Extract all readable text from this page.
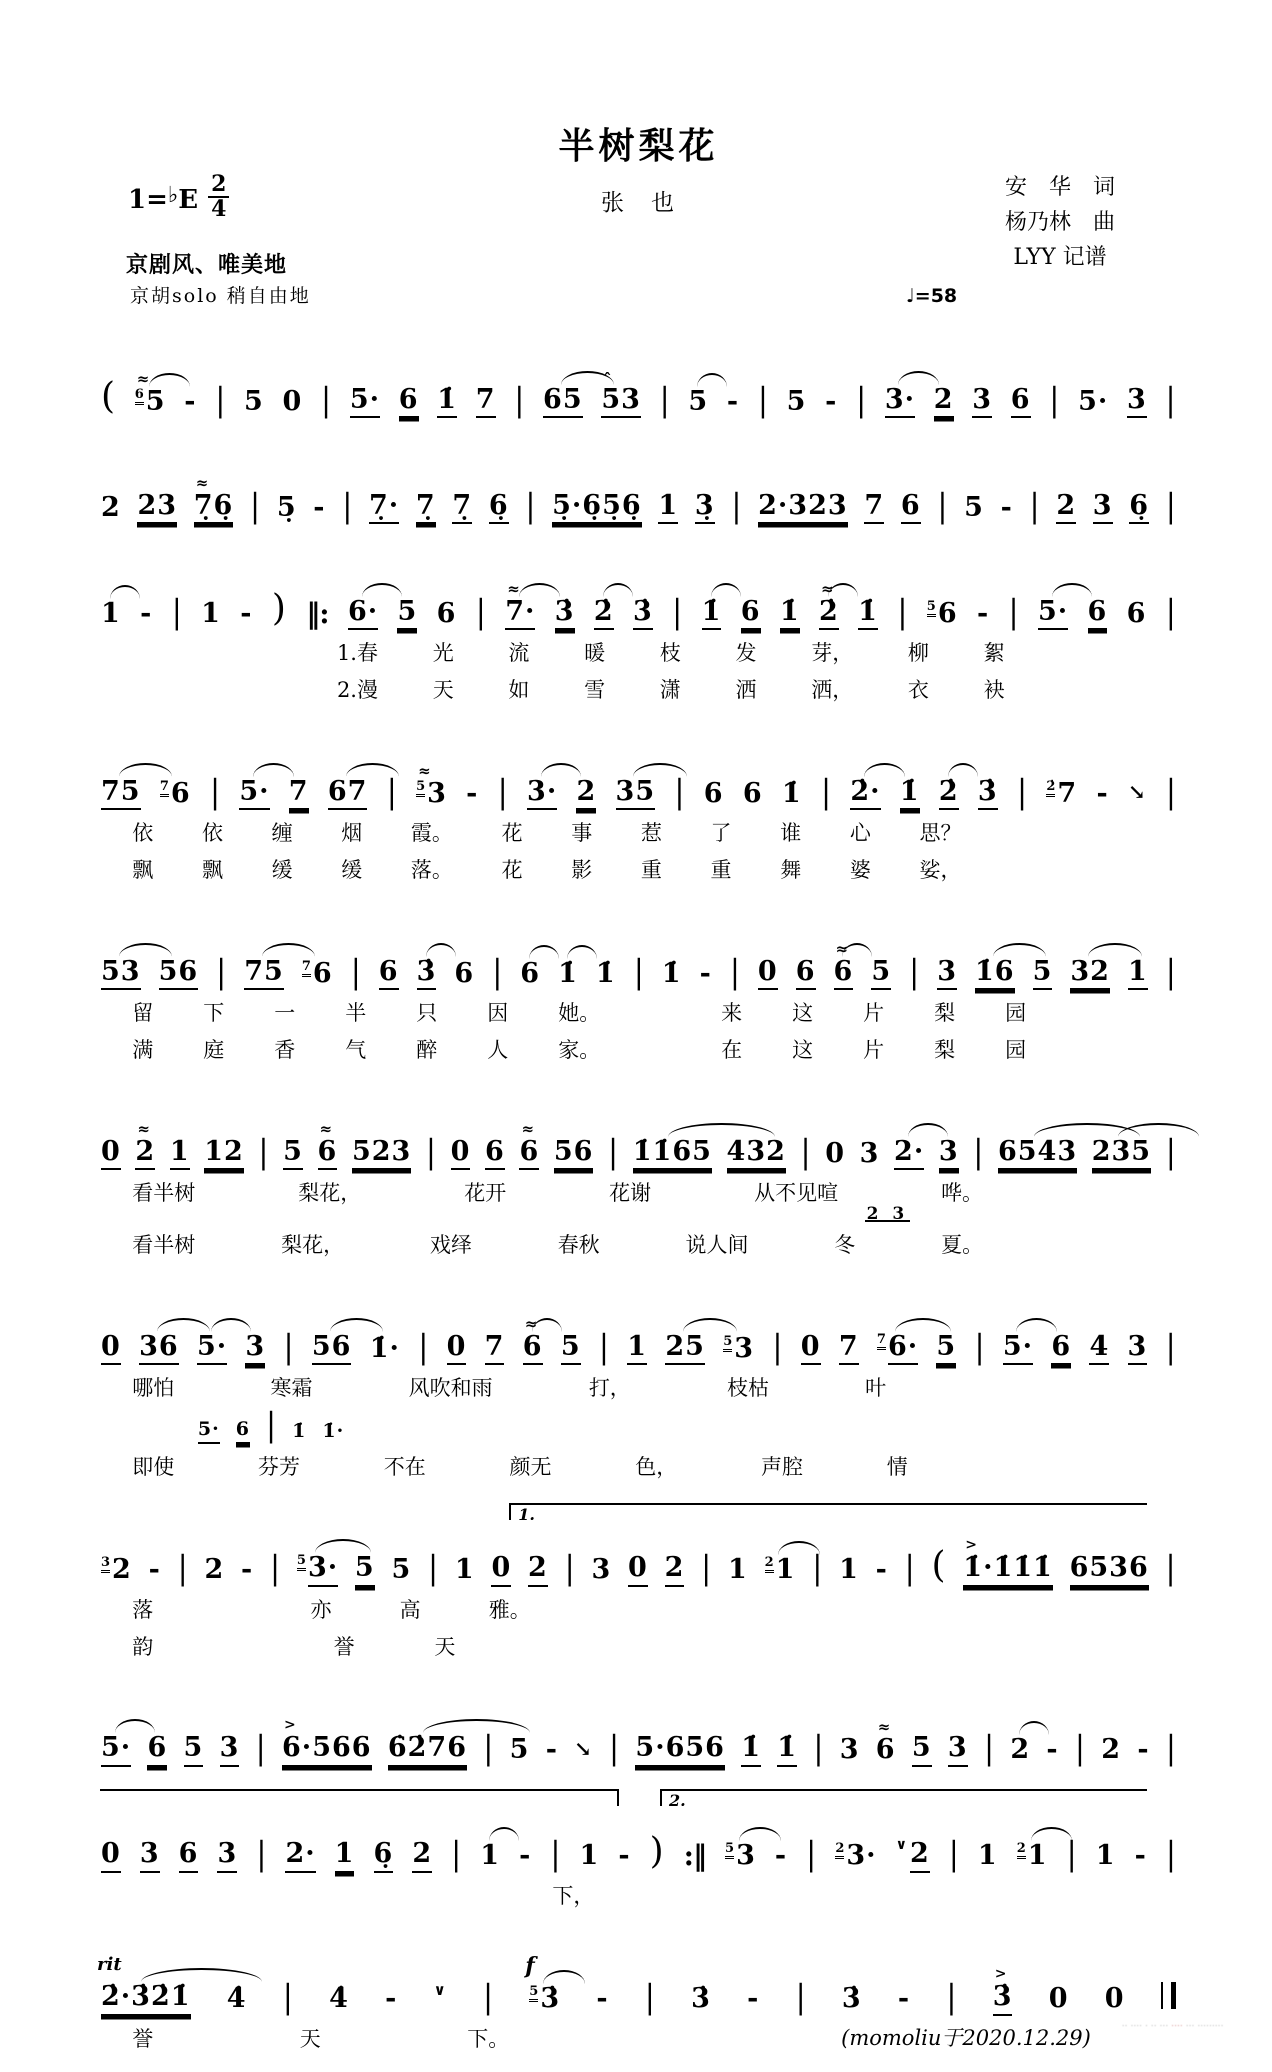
半树梨花
张　也
$1=^♭E \frac{2}{4}$	安　华　词
杨乃林　曲
LYY 记谱
京剧风、唯美地
京胡solo 稍自由地	♩=58
( $^6$5
≈
- | 5 0 | 5· 6 1̇ 7 | 65 53
ˆ
| 5 - | 5 - | 3· 2 3 6 | 5· 3 |
2 23 7̣6̣
≈
| 5̣ - | 7̣· 7̣ 7̣ 6̣ | 5̣·6̣5̣6̣ 1 3̣ | 2·323 7 6 | 5 - | 2 3 6̣ |
1 - | 1 - ) ‖: 6· 5 6 | 7·
≈
3̇ 2̇ 3̇ | 1̇ 6 1̇ 2̇
≈
1̇ | $^5$6 - | 5· 6 6 |
1.春	光	流	暖	枝	发	芽，	柳	絮
2.漫	天	如	雪	潇	洒	洒，	衣	袂
75 $^7$6 | 5· 7 67 | $^5$3
≈
- | 3· 2 35 | 6 6 1̇ | 2̇· 1̇ 2̇ 3̇ | $^{2̇}$7 - ↘ |
依 依 缠 烟 霞。 花 事 惹 了 谁 心 思？
飘 飘 缓 缓 落。 花 影 重 重 舞 婆 娑，
53 56 | 75 $^7$6 | 6 3̇ 6 | 6 1̇ 1̇ | 1̇ - | 0 6 6
≈
5 | 3 1̇6 5 32 1 |
留 下 一 半 只 因 她。
　	来 这 片 梨 园
满 庭 香 气 醉 人 家。
　	在 这 片 梨 园
0 2
≈
1 12 | 5 6
≈
523 | 0 6 6
≈
56 | 1̇1̇65 432 | 0 3 2· 3 | 6543 235 |
看半树	梨花，	花开	花谢	从不见喧	哗。
2 3
看半树	梨花，	戏绎	春秋	说人间	冬	夏。
0 36 5· 3 | 56 1̇· | 0 7 6
≈
5 | 1 25 $^5$3 | 0 7 $^7$6· 5 | 5· 6 4 3 |
哪怕	寒霜	风吹和雨	打，	枝枯	叶
5· 6 | 1̇ 1̇·
即使	芬芳	不在	颜无	色，	声腔	情
1.
$^3$2 - | 2 - | $^5$3· 5 5 | 1 0 2 | 3 0 2 | 1 $^2$1 | 1 - | ( 1̇·1̇1̇1̇
>
6536 |
落
　	亦	高	雅。
韵
　	誉	天
5· 6 5 3 | 6·566
>
6̇2̇76 | 5 - ↘ | 5·656 1̇ 1̇ | 3 6
≈
5 3 | 2 - | 2 - |
2.
0 3 6 3 | 2· 1 6̣ 2 | 1 - | 1 - ) :‖ $^5$3 - | $^2$3· ∨ 2 | 1 $^2$1 | 1 - |
下，
rit
2̇·3̇2̇1̇ 4̇ | 4̇ - ∨ |
f
$^5$3̇ - | 3̇ - | 3̇ - | 3̇
>
0 0
誉	天	下。	(momoliu于2020.12.29)	·· ···· · ·· ··· ···· ··· ·········
